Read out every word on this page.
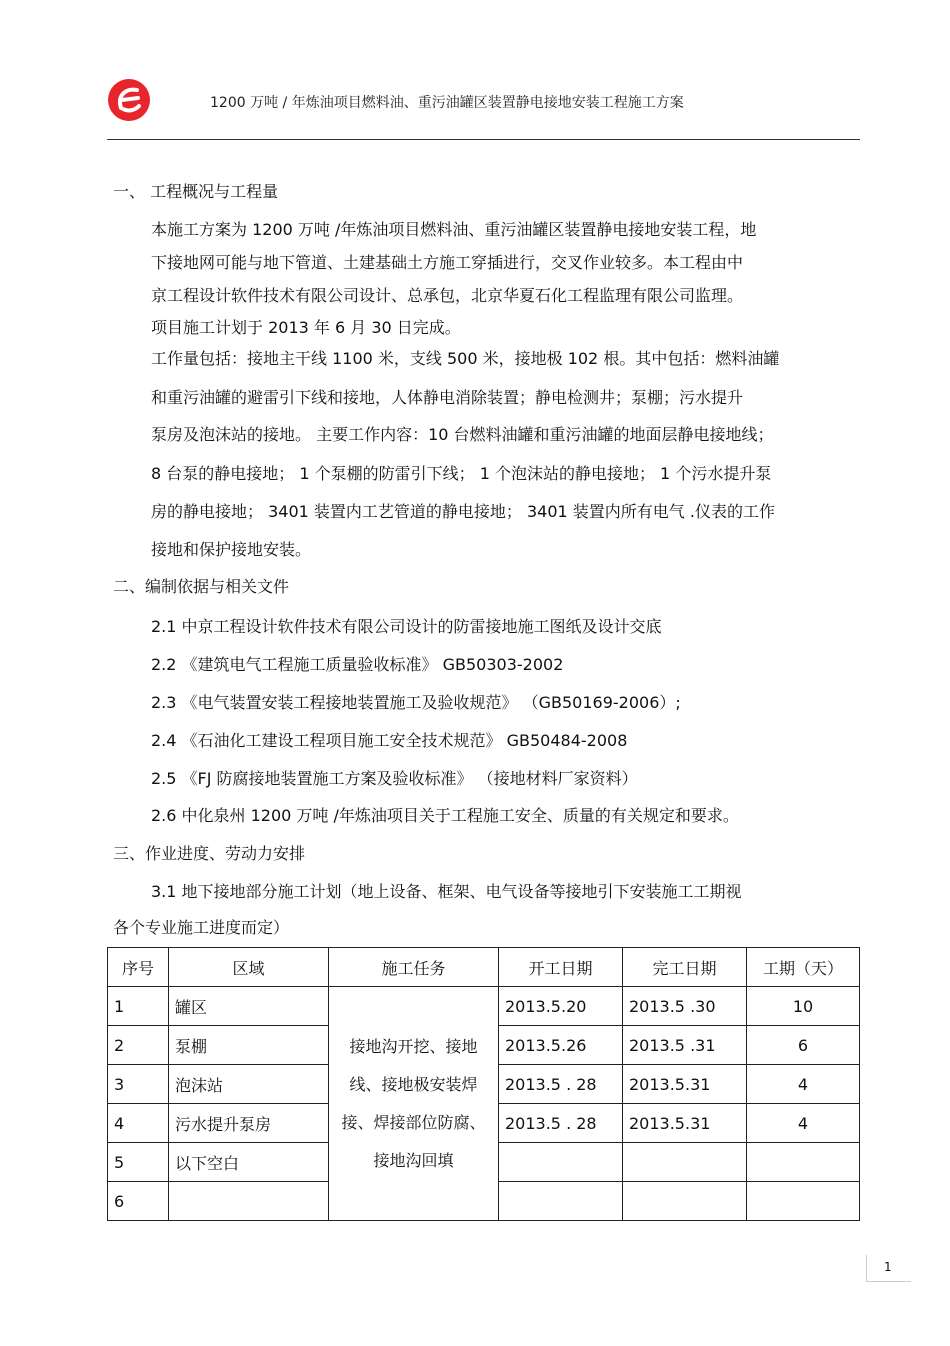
1200 万吨 / 年炼油项目燃料油、重污油罐区装置静电接地安装工程施工方案
一、 工程概况与工程量
本施工方案为 1200 万吨 /年炼油项目燃料油、重污油罐区装置静电接地安装工程，地
下接地网可能与地下管道、土建基础土方施工穿插进行，交叉作业较多。本工程由中
京工程设计软件技术有限公司设计、总承包，北京华夏石化工程监理有限公司监理。
项目施工计划于 2013 年 6 月 30 日完成。
工作量包括：接地主干线 1100 米，支线 500 米，接地极 102 根。其中包括：燃料油罐
和重污油罐的避雷引下线和接地，人体静电消除装置；静电检测井；泵棚；污水提升
泵房及泡沫站的接地。 主要工作内容：10 台燃料油罐和重污油罐的地面层静电接地线；
8 台泵的静电接地； 1 个泵棚的防雷引下线； 1 个泡沫站的静电接地； 1 个污水提升泵
房的静电接地； 3401 装置内工艺管道的静电接地； 3401 装置内所有电气 .仪表的工作
接地和保护接地安装。
二、编制依据与相关文件
2.1 中京工程设计软件技术有限公司设计的防雷接地施工图纸及设计交底
2.2 《建筑电气工程施工质量验收标准》 GB50303-2002
2.3 《电气装置安装工程接地装置施工及验收规范》 （GB50169-2006）;
2.4 《石油化工建设工程项目施工安全技术规范》 GB50484-2008
2.5 《FJ 防腐接地装置施工方案及验收标准》 （接地材料厂家资料）
2.6 中化泉州 1200 万吨 /年炼油项目关于工程施工安全、质量的有关规定和要求。
三、作业进度、劳动力安排
3.1 地下接地部分施工计划（地上设备、框架、电气设备等接地引下安装施工工期视
各个专业施工进度而定）
序号	区域	施工任务	开工日期	完工日期	工期（天）
1	罐区	接地沟开挖、接地线、接地极安装焊接、焊接部位防腐、接地沟回填	2013.5.20	2013.5 .30	10
2	泵棚		2013.5.26	2013.5 .31	6
3	泡沫站		2013.5 . 28	2013.5.31	4
4	污水提升泵房		2013.5 . 28	2013.5.31	4
5	以下空白				
6					
1
